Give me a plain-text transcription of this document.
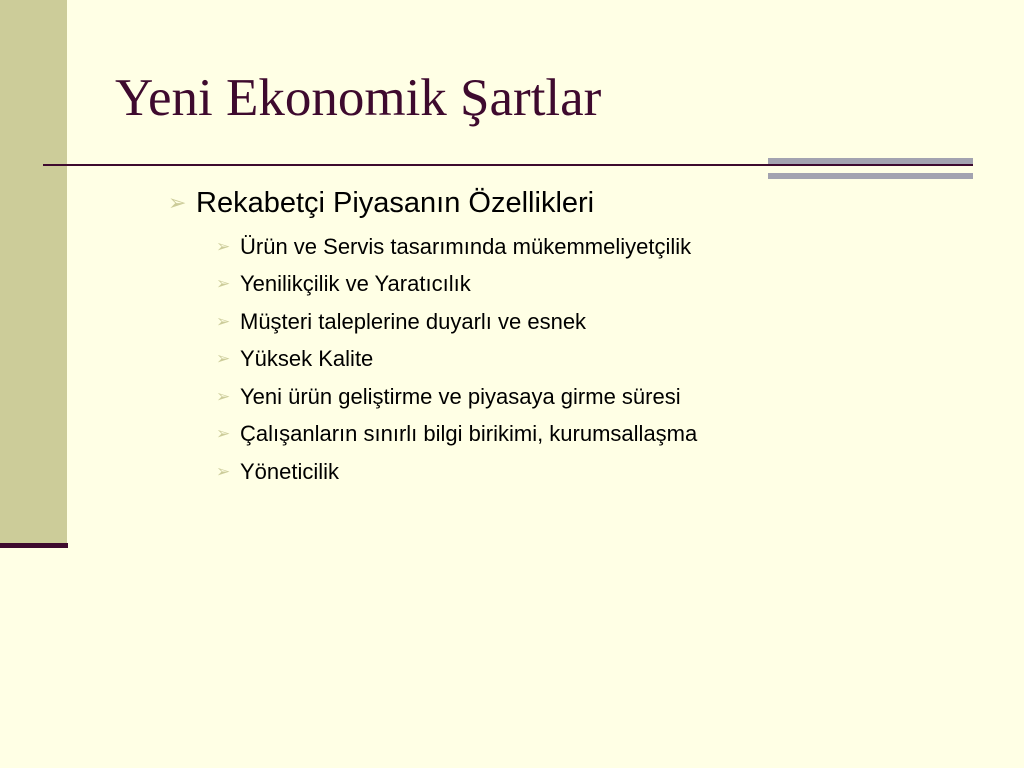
Yeni Ekonomik Şartlar
➢ Rekabetçi Piyasanın Özellikleri
➢ Ürün ve Servis tasarımında mükemmeliyetçilik
➢ Yenilikçilik ve Yaratıcılık
➢ Müşteri taleplerine duyarlı ve esnek
➢ Yüksek Kalite
➢ Yeni ürün geliştirme ve piyasaya girme süresi
➢ Çalışanların sınırlı bilgi birikimi, kurumsallaşma
➢ Yöneticilik
